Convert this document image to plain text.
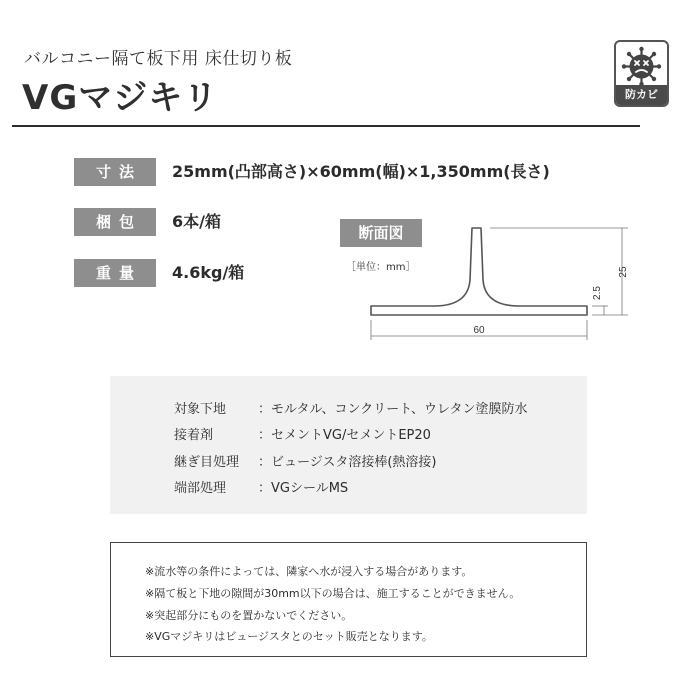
バルコニー隔て板下用 床仕切り板
VGマジキリ	防カビ
寸法	25mm(凸部高さ)×60mm(幅)×1,350mm(長さ)
梱包	6本/箱
重量	4.6kg/箱
断面図
［単位：mm］	25
2.5
60
対象下地 ：モルタル、コンクリート、ウレタン塗膜防水
接着剤	：セメントVG/セメントEP20
継ぎ目処理 ：ビュージスタ溶接棒(熱溶接)
端部処理 ：VGシールMS
※流水等の条件によっては、隣家へ水が浸入する場合があります。
※隔て板と下地の隙間が30mm以下の場合は、施工することができません。
※突起部分にものを置かないでください。
※VGマジキリはビュージスタとのセット販売となります。
